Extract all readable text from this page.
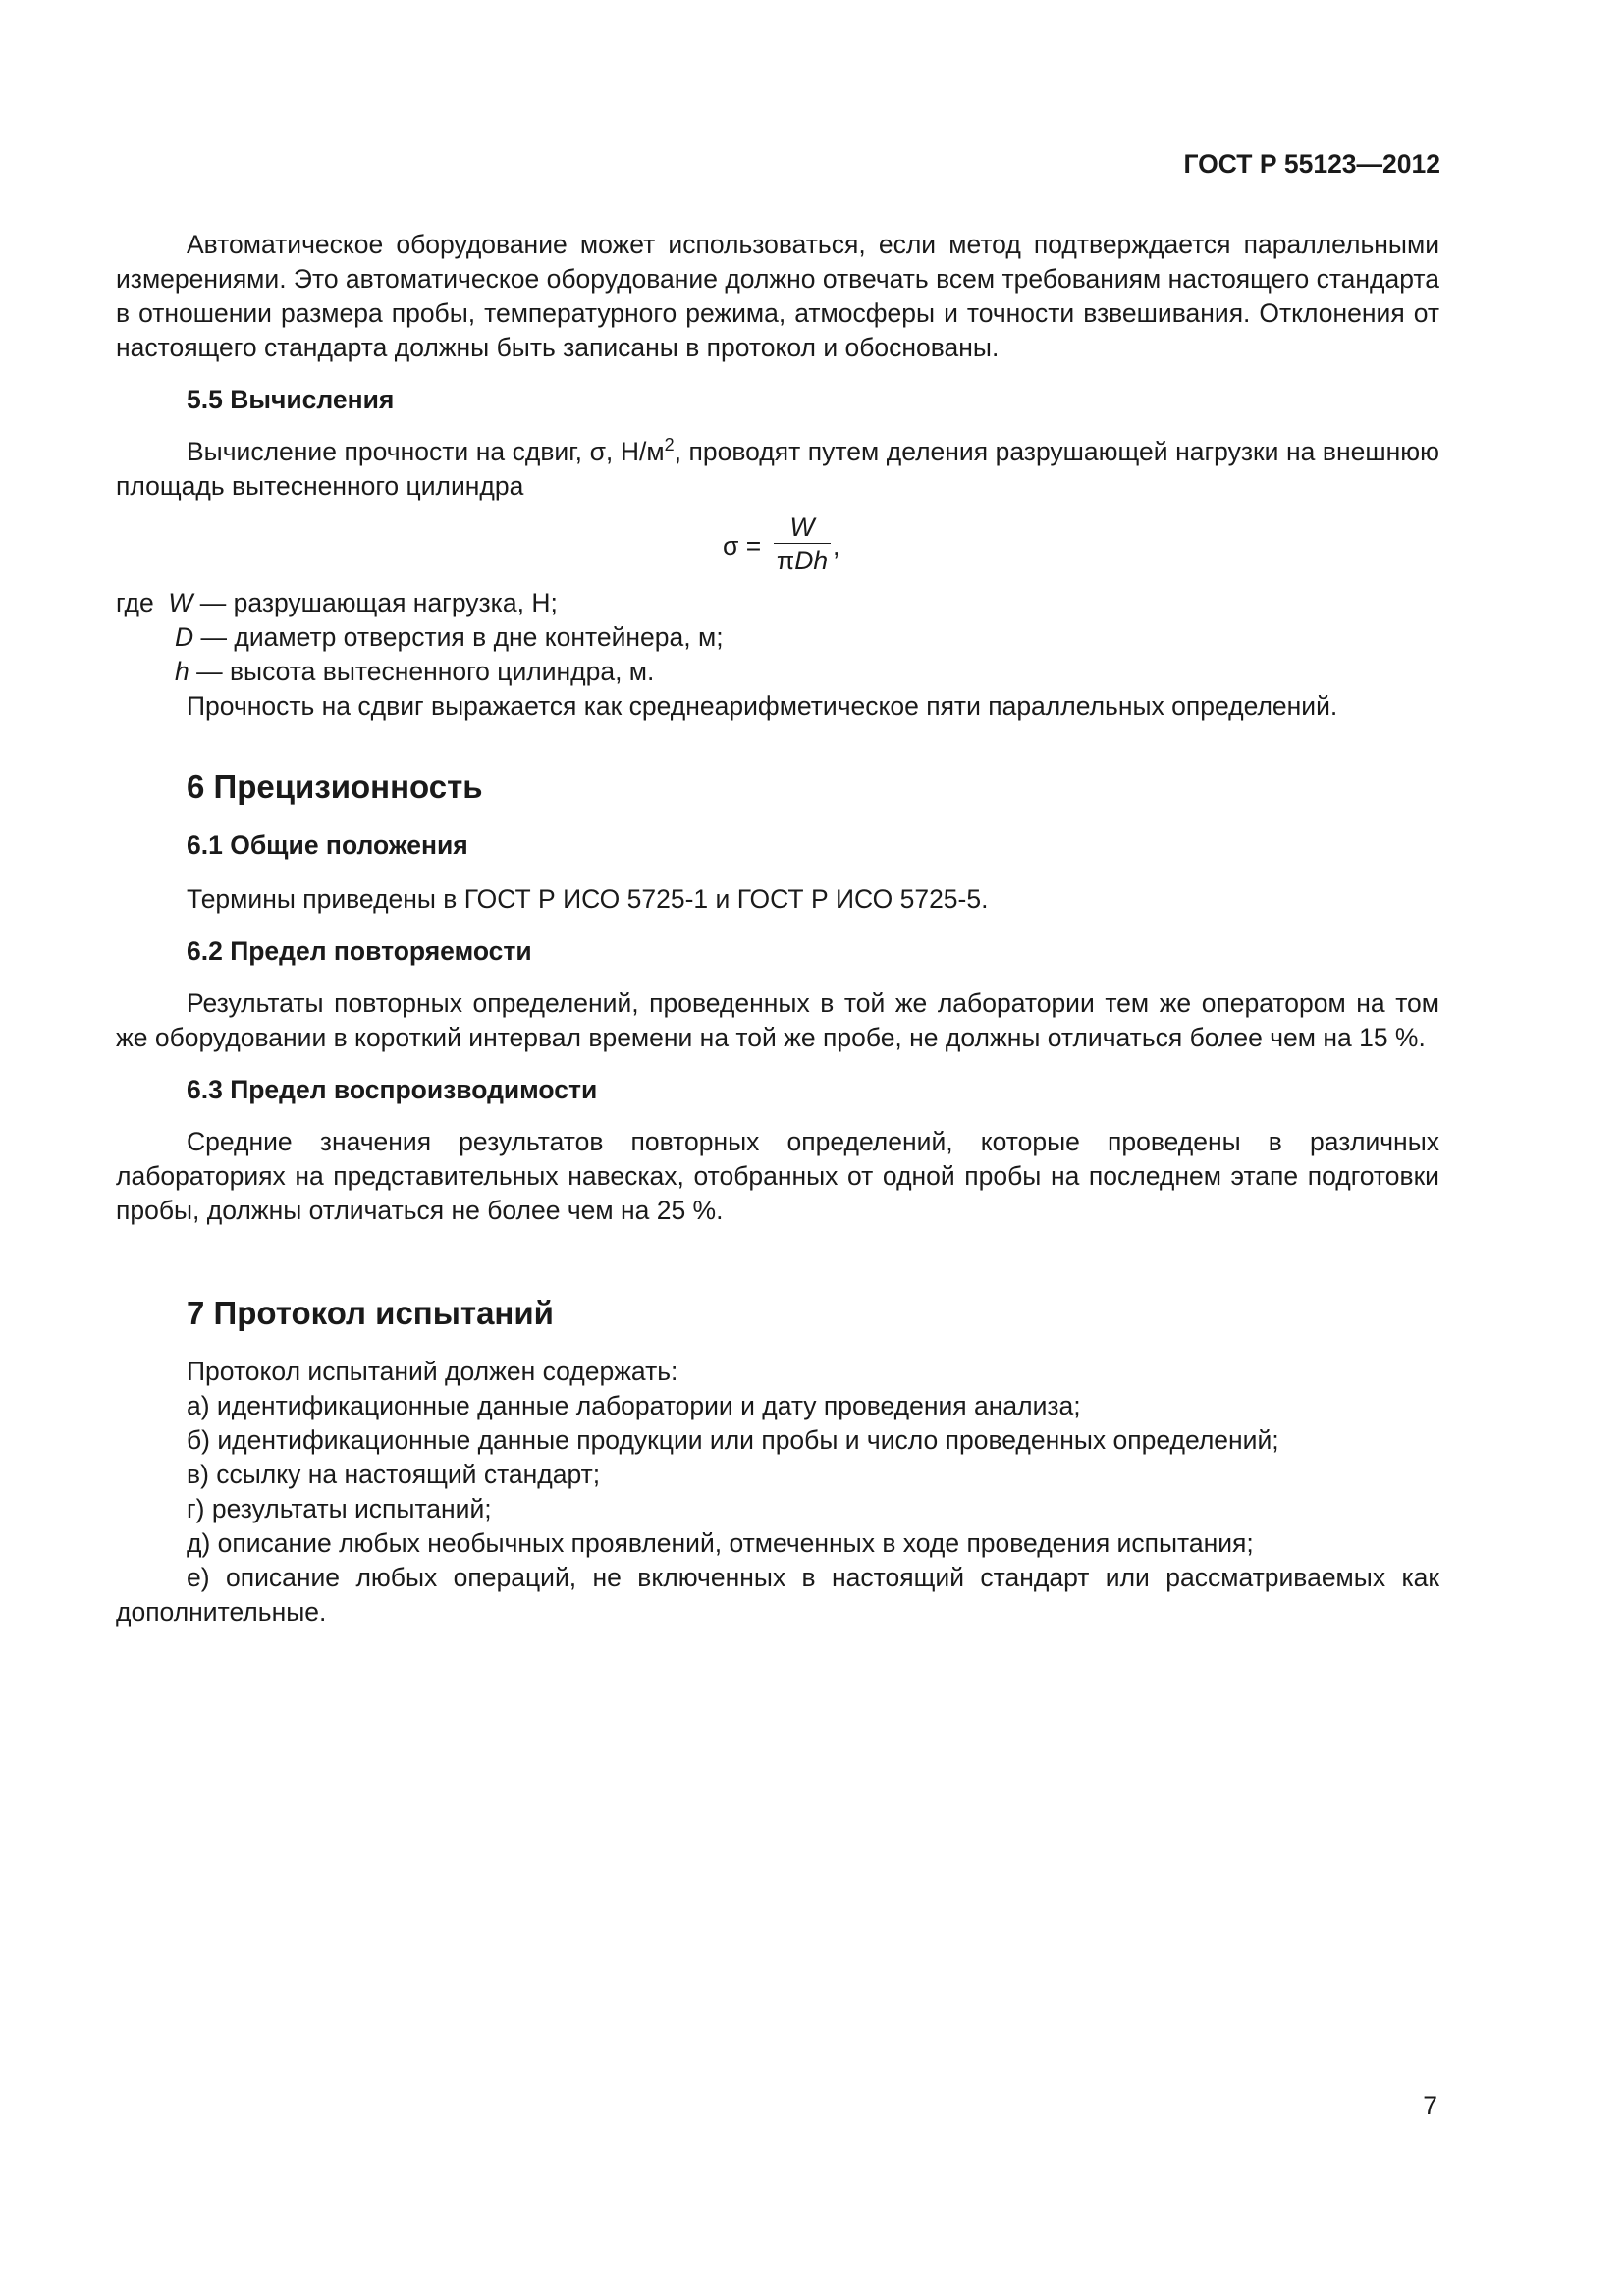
ГОСТ Р 55123—2012

Автоматическое оборудование может использоваться, если метод подтверждается параллельными измерениями. Это автоматическое оборудование должно отвечать всем требованиям настоящего стандарта в отношении размера пробы, температурного режима, атмосферы и точности взвешивания. Отклонения от настоящего стандарта должны быть записаны в протокол и обоснованы.

5.5 Вычисления

Вычисление прочности на сдвиг, σ, $Н/м^2$, проводят путем деления разрушающей нагрузки на внешнюю площадь вытесненного цилиндра

σ =
W
πDh ,

где W — разрушающая нагрузка, Н;

D — диаметр отверстия в дне контейнера, м;

h — высота вытесненного цилиндра, м.

Прочность на сдвиг выражается как среднеарифметическое пяти параллельных определений.

6 Прецизионность
6.1 Общие положения

Термины приведены в ГОСТ Р ИСО 5725-1 и ГОСТ Р ИСО 5725-5.

6.2 Предел повторяемости

Результаты повторных определений, проведенных в той же лаборатории тем же оператором на том же оборудовании в короткий интервал времени на той же пробе, не должны отличаться более чем на 15 %.

6.3 Предел воспроизводимости

Средние значения результатов повторных определений, которые проведены в различных лабораториях на представительных навесках, отобранных от одной пробы на последнем этапе подготовки пробы, должны отличаться не более чем на 25 %.

7 Протокол испытаний

Протокол испытаний должен содержать:

а) идентификационные данные лаборатории и дату проведения анализа;

б) идентификационные данные продукции или пробы и число проведенных определений;

в) ссылку на настоящий стандарт;

г) результаты испытаний;

д) описание любых необычных проявлений, отмеченных в ходе проведения испытания;

е) описание любых операций, не включенных в настоящий стандарт или рассматриваемых как дополнительные.

7
